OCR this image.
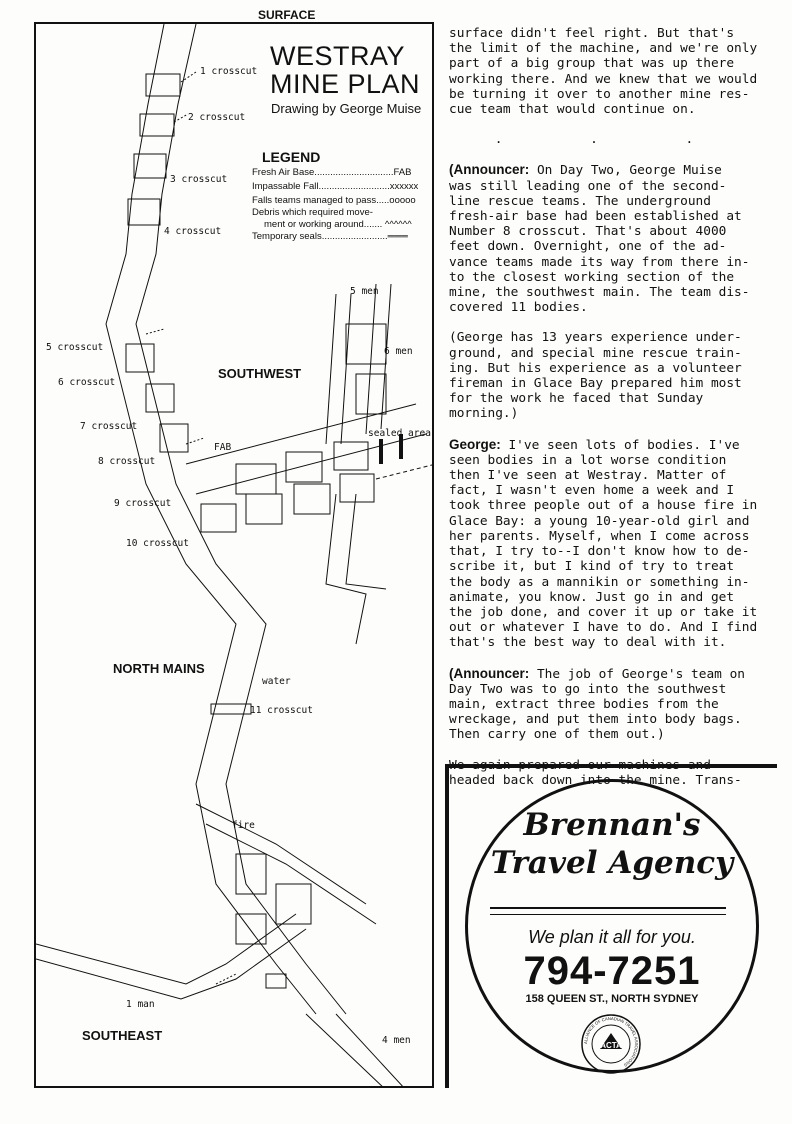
SURFACE
WESTRAY
MINE PLAN
Drawing by George Muise
LEGEND
Fresh Air Base..............................FAB
Impassable Fall...........................xxxxxx
Falls teams managed to pass.....ooooo
Debris which required move-
ment or working around....... ^^^^^^
Temporary seals.........................═══
1 crosscut
2 crosscut
3 crosscut
4 crosscut
5 crosscut
6 crosscut
7 crosscut
8 crosscut
9 crosscut
10 crosscut
11 crosscut
FAB
5 men
6 men
sealed area
water
fire
1 man
4 men
SOUTHWEST
NORTH MAINS
SOUTHEAST

surface didn't feel right. But that's
the limit of the machine, and we're only
part of a big group that was up there
working there. And we knew that we would
be turning it over to another mine res-
cue team that would continue on.

. . .

(Announcer: On Day Two, George Muise
was still leading one of the second-
line rescue teams. The underground
fresh-air base had been established at
Number 8 crosscut. That's about 4000
feet down. Overnight, one of the ad-
vance teams made its way from there in-
to the closest working section of the
mine, the southwest main. The team dis-
covered 11 bodies.

(George has 13 years experience under-
ground, and special mine rescue train-
ing. But his experience as a volunteer
fireman in Glace Bay prepared him most
for the work he faced that Sunday
morning.)

George: I've seen lots of bodies. I've
seen bodies in a lot worse condition
then I've seen at Westray. Matter of
fact, I wasn't even home a week and I
took three people out of a house fire in
Glace Bay: a young 10-year-old girl and
her parents. Myself, when I come across
that, I try to--I don't know how to de-
scribe it, but I kind of try to treat
the body as a mannikin or something in-
animate, you know. Just go in and get
the job done, and cover it up or take it
out or whatever I have to do. And I find
that's the best way to deal with it.

(Announcer: The job of George's team on
Day Two was to go into the southwest
main, extract three bodies from the
wreckage, and put them into body bags.
Then carry one of them out.)

headed back down into the mine. Trans-

Brennan's
Travel Agency
We plan it all for you.
794-7251
158 QUEEN ST., NORTH SYDNEY
ACTA
ALLIANCE OF CANADIAN TRAVEL ASSOCIATIONS
